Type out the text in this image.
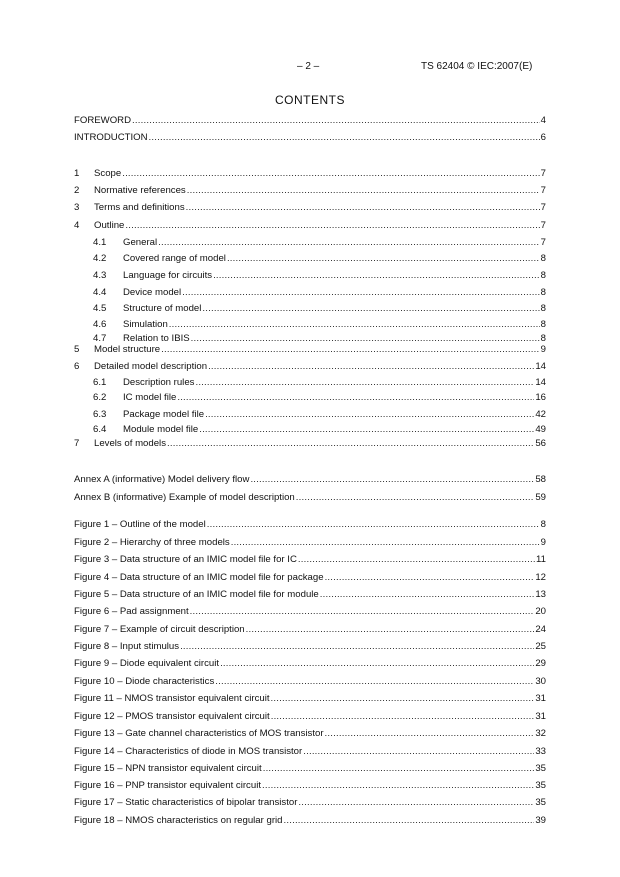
– 2 –	TS 62404 © IEC:2007(E)
CONTENTS
FOREWORD .....	4
INTRODUCTION .....	6
1	Scope .....	7
2	Normative references .....	7
3	Terms and definitions .....	7
4	Outline .....	7
4.1	General .....	7
4.2	Covered range of model .....	8
4.3	Language for circuits .....	8
4.4	Device model .....	8
4.5	Structure of model .....	8
4.6	Simulation .....	8
4.7	Relation to IBIS .....	8
5	Model structure .....	9
6	Detailed model description .....	14
6.1	Description rules .....	14
6.2	IC model file .....	16
6.3	Package model file .....	42
6.4	Module model file .....	49
7	Levels of models .....	56
Annex A (informative) Model delivery flow .....	58
Annex B (informative) Example of model description .....	59
Figure 1 – Outline of the model .....	8
Figure 2 – Hierarchy of three models .....	9
Figure 3 – Data structure of an IMIC model file for IC .....	11
Figure 4 – Data structure of an IMIC model file for package .....	12
Figure 5 – Data structure of an IMIC model file for module .....	13
Figure 6 – Pad assignment .....	20
Figure 7 – Example of circuit description .....	24
Figure 8 – Input stimulus .....	25
Figure 9 – Diode equivalent circuit .....	29
Figure 10 – Diode characteristics .....	30
Figure 11 – NMOS transistor equivalent circuit .....	31
Figure 12 – PMOS transistor equivalent circuit .....	31
Figure 13 – Gate channel characteristics of MOS transistor .....	32
Figure 14 – Characteristics of diode in MOS transistor .....	33
Figure 15 – NPN transistor equivalent circuit .....	35
Figure 16 – PNP transistor equivalent circuit .....	35
Figure 17 – Static characteristics of bipolar transistor .....	35
Figure 18 – NMOS characteristics on regular grid .....	39
